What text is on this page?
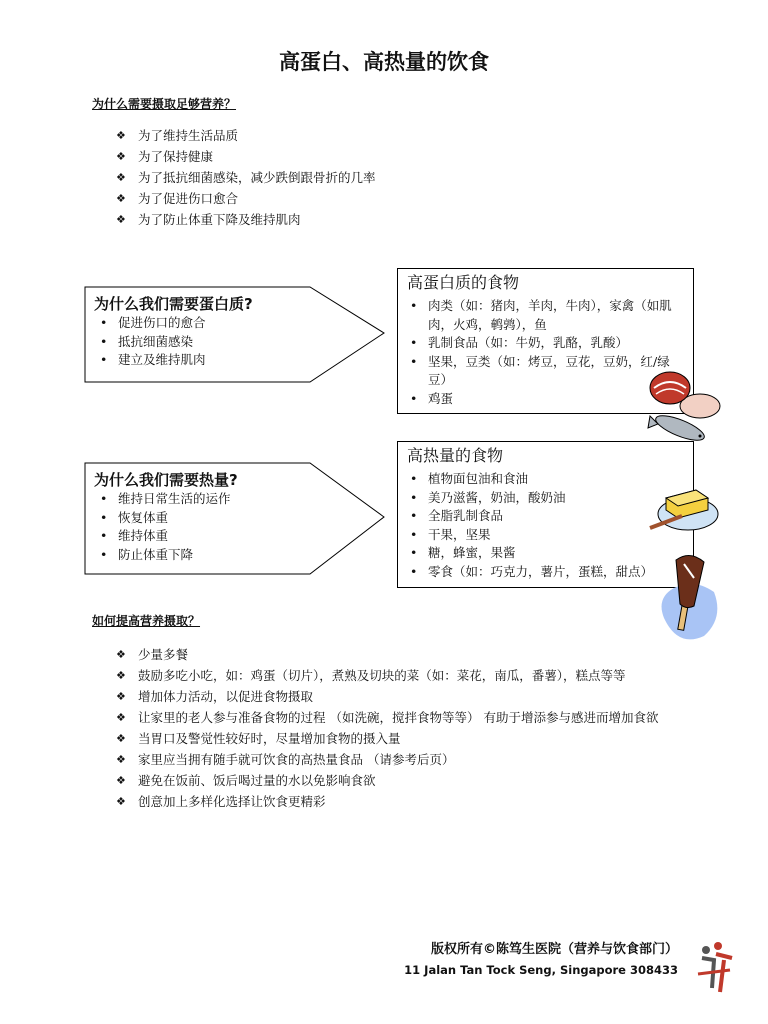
高蛋白、高热量的饮食
为什么需要摄取足够营养？
❖ 为了维持生活品质
❖ 为了保持健康
❖ 为了抵抗细菌感染，减少跌倒跟骨折的几率
❖ 为了促进伤口愈合
❖ 为了防止体重下降及维持肌肉
为什么我们需要蛋白质?
• 促进伤口的愈合
• 抵抗细菌感染
• 建立及维持肌肉
高蛋白质的食物
• 肉类（如：猪肉，羊肉，牛肉），家禽（如肌肉，火鸡，鹌鹑），鱼
• 乳制食品（如：牛奶，乳酪，乳酸）
• 坚果，豆类（如：烤豆，豆花，豆奶，红/绿豆）
• 鸡蛋
为什么我们需要热量?
• 维持日常生活的运作
• 恢复体重
• 维持体重
• 防止体重下降
高热量的食物
• 植物面包油和食油
• 美乃滋酱，奶油，酸奶油
• 全脂乳制食品
• 干果，坚果
• 糖，蜂蜜，果酱
• 零食（如：巧克力，薯片，蛋糕，甜点）
如何提高营养摄取？
❖ 少量多餐
❖ 鼓励多吃小吃，如：鸡蛋（切片），煮熟及切块的菜（如：菜花，南瓜，番薯），糕点等等
❖ 增加体力活动，以促进食物摄取
❖ 让家里的老人参与准备食物的过程 （如洗碗，搅拌食物等等） 有助于增添参与感进而增加食欲
❖ 当胃口及警觉性较好时，尽量增加食物的摄入量
❖ 家里应当拥有随手就可饮食的高热量食品 （请参考后页）
❖ 避免在饭前、饭后喝过量的水以免影响食欲
❖ 创意加上多样化选择让饮食更精彩
版权所有©陈笃生医院（营养与饮食部门）
11 Jalan Tan Tock Seng, Singapore 308433
